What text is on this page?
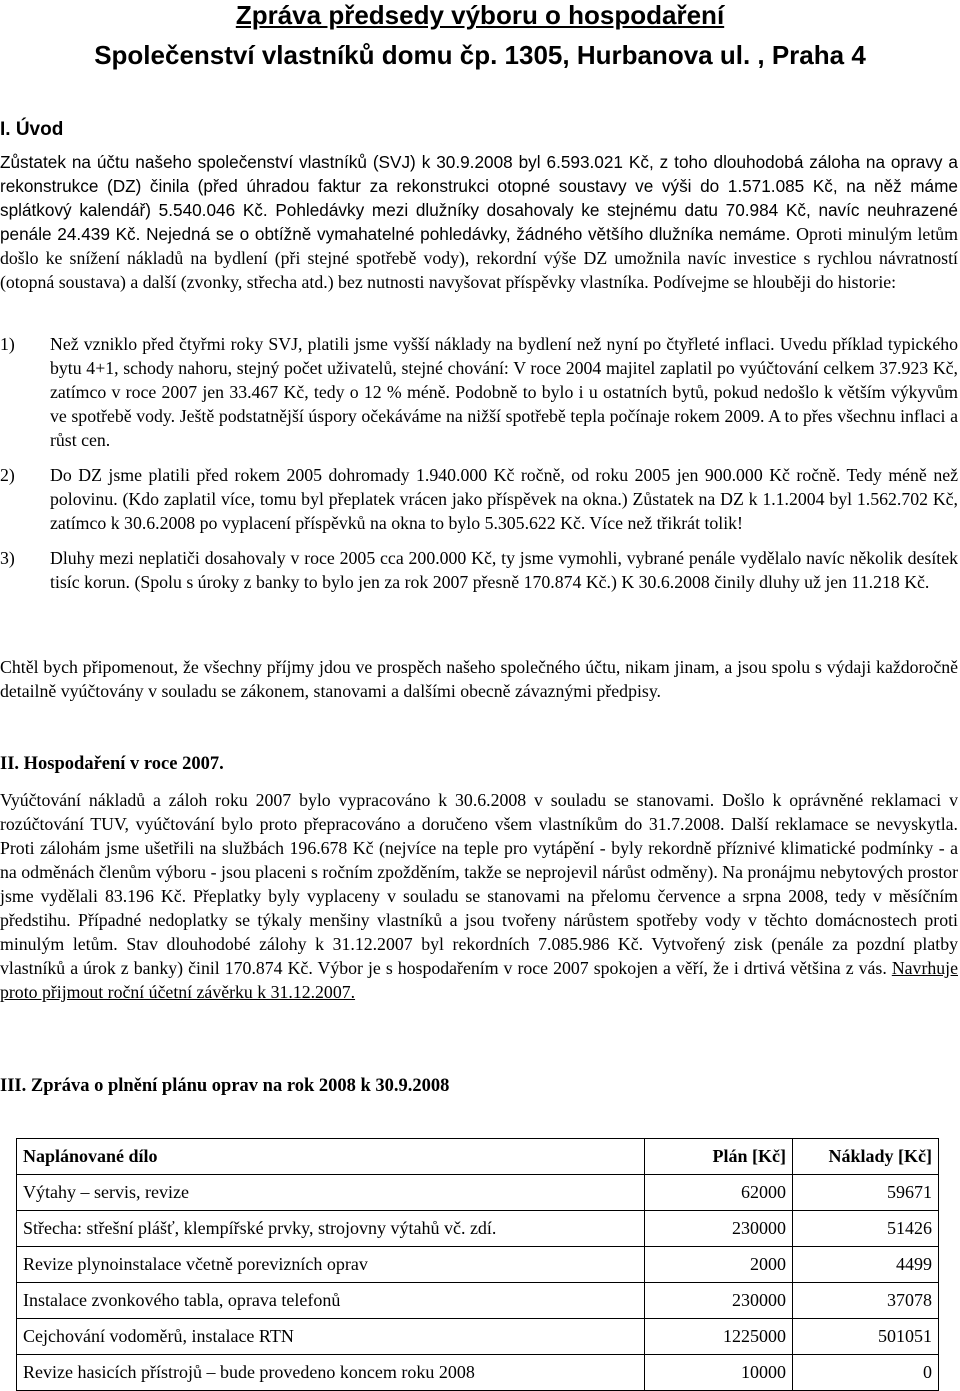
Zpráva předsedy výboru o hospodaření
Společenství vlastníků domu čp. 1305, Hurbanova ul. , Praha 4
I. Úvod
Zůstatek na účtu našeho společenství vlastníků (SVJ) k 30.9.2008 byl 6.593.021 Kč, z toho dlouhodobá záloha na opravy a rekonstrukce (DZ) činila (před úhradou faktur za rekonstrukci otopné soustavy ve výši do 1.571.085 Kč, na něž máme splátkový kalendář) 5.540.046 Kč. Pohledávky mezi dlužníky dosahovaly ke stejnému datu 70.984 Kč, navíc neuhrazené penále 24.439 Kč. Nejedná se o obtížně vymahatelné pohledávky, žádného většího dlužníka nemáme. Oproti minulým letům došlo ke snížení nákladů na bydlení (při stejné spotřebě vody), rekordní výše DZ umožnila navíc investice s rychlou návratností (otopná soustava) a další (zvonky, střecha atd.) bez nutnosti navyšovat příspěvky vlastníka. Podívejme se hlouběji do historie:
1) Než vzniklo před čtyřmi roky SVJ, platili jsme vyšší náklady na bydlení než nyní po čtyřleté inflaci. Uvedu příklad typického bytu 4+1, schody nahoru, stejný počet uživatelů, stejné chování: V roce 2004 majitel zaplatil po vyúčtování celkem 37.923 Kč, zatímco v roce 2007 jen 33.467 Kč, tedy o 12 % méně. Podobně to bylo i u ostatních bytů, pokud nedošlo k větším výkyvům ve spotřebě vody. Ještě podstatnější úspory očekáváme na nižší spotřebě tepla počínaje rokem 2009. A to přes všechnu inflaci a růst cen.
2) Do DZ jsme platili před rokem 2005 dohromady 1.940.000 Kč ročně, od roku 2005 jen 900.000 Kč ročně. Tedy méně než polovinu. (Kdo zaplatil více, tomu byl přeplatek vrácen jako příspěvek na okna.) Zůstatek na DZ k 1.1.2004 byl 1.562.702 Kč, zatímco k 30.6.2008 po vyplacení příspěvků na okna to bylo 5.305.622 Kč. Více než třikrát tolik!
3) Dluhy mezi neplatiči dosahovaly v roce 2005 cca 200.000 Kč, ty jsme vymohli, vybrané penále vydělalo navíc několik desítek tisíc korun. (Spolu s úroky z banky to bylo jen za rok 2007 přesně 170.874 Kč.) K 30.6.2008 činily dluhy už jen 11.218 Kč.
Chtěl bych připomenout, že všechny příjmy jdou ve prospěch našeho společného účtu, nikam jinam, a jsou spolu s výdaji každoročně detailně vyúčtovány v souladu se zákonem, stanovami a dalšími obecně závaznými předpisy.
II. Hospodaření v roce 2007.
Vyúčtování nákladů a záloh roku 2007 bylo vypracováno k 30.6.2008 v souladu se stanovami. Došlo k oprávněné reklamaci v rozúčtování TUV, vyúčtování bylo proto přepracováno a doručeno všem vlastníkům do 31.7.2008. Další reklamace se nevyskytla. Proti zálohám jsme ušetřili na službách 196.678 Kč (nejvíce na teple pro vytápění - byly rekordně příznivé klimatické podmínky - a na odměnách členům výboru - jsou placeni s ročním zpožděním, takže se neprojevil nárůst odměny). Na pronájmu nebytových prostor jsme vydělali 83.196 Kč. Přeplatky byly vyplaceny v souladu se stanovami na přelomu července a srpna 2008, tedy v měsíčním předstihu. Případné nedoplatky se týkaly menšiny vlastníků a jsou tvořeny nárůstem spotřeby vody v těchto domácnostech proti minulým letům. Stav dlouhodobé zálohy k 31.12.2007 byl rekordních 7.085.986 Kč. Vytvořený zisk (penále za pozdní platby vlastníků a úrok z banky) činil 170.874 Kč. Výbor je s hospodařením v roce 2007 spokojen a věří, že i drtivá většina z vás. Navrhuje proto přijmout roční účetní závěrku k 31.12.2007.
III. Zpráva o plnění plánu oprav na rok 2008 k 30.9.2008
Naplánované dílo	Plán [Kč]	Náklady [Kč]
Výtahy – servis, revize	62000	59671
Střecha: střešní plášť, klempířské prvky, strojovny výtahů vč. zdí.	230000	51426
Revize plynoinstalace včetně porevizních oprav	2000	4499
Instalace zvonkového tabla, oprava telefonů	230000	37078
Cejchování vodoměrů, instalace RTN	1225000	501051
Revize hasicích přístrojů – bude provedeno koncem roku 2008	10000	0
